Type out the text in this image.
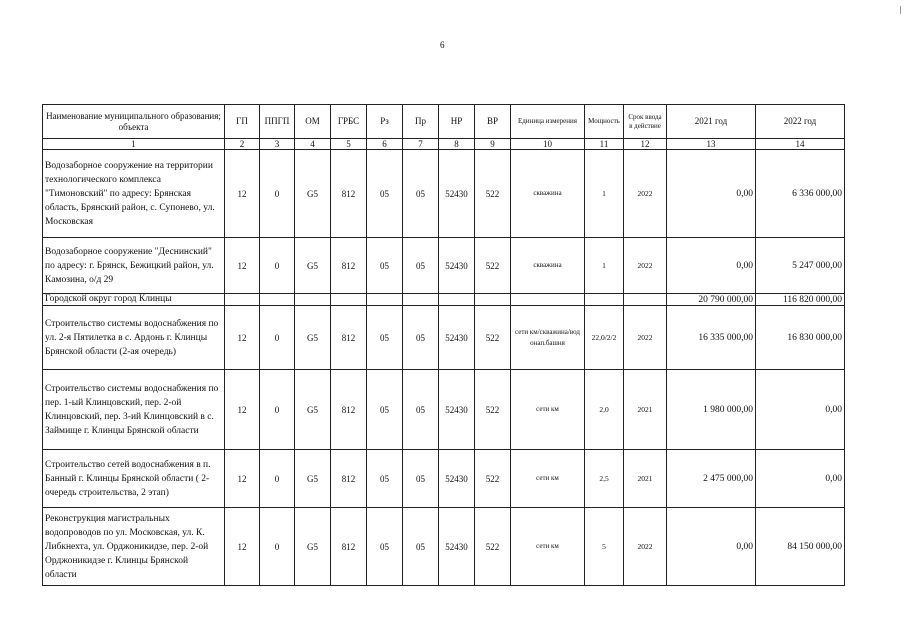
6
Наименование муниципального образования; объекта	ГП	ППГП	ОМ	ГРБС	Рз	Пр	НР	ВР	Единица измерения	Мощность	Срок ввода в действие	2021 год	2022 год
1	2	3	4	5	6	7	8	9	10	11	12	13	14
Водозаборное сооружение на территории технологического комплекса "Тимоновский" по адресу: Брянская область, Брянский район, с. Супонево, ул. Московская	12	0	G5	812	05	05	52430	522	скважина	1	2022	0,00	6 336 000,00
Водозаборное сооружение "Деснинский" по адресу: г. Брянск, Бежицкий район, ул. Камозина, о/д 29	12	0	G5	812	05	05	52430	522	скважина	1	2022	0,00	5 247 000,00
Городской округ город Клинцы												20 790 000,00	116 820 000,00
Строительство системы водоснабжения по ул. 2-я Пятилетка в с. Ардонь г. Клинцы Брянской области (2-ая очередь)	12	0	G5	812	05	05	52430	522	сети км/скважина/вод онап.башня	22,0/2/2	2022	16 335 000,00	16 830 000,00
Строительство системы водоснабжения по пер. 1-ый Клинцовский, пер. 2-ой Клинцовский, пер. 3-ий Клинцовский в с. Займище г. Клинцы Брянской области	12	0	G5	812	05	05	52430	522	сети км	2,0	2021	1 980 000,00	0,00
Строительство сетей водоснабжения в п. Банный г. Клинцы Брянской области ( 2-очередь строительства, 2 этап)	12	0	G5	812	05	05	52430	522	сети км	2,5	2021	2 475 000,00	0,00
Реконструкция магистральных водопроводов по ул. Московская, ул. К. Либкнехта, ул. Орджоникидзе, пер. 2-ой Орджоникидзе г. Клинцы Брянской области	12	0	G5	812	05	05	52430	522	сети км	5	2022	0,00	84 150 000,00
